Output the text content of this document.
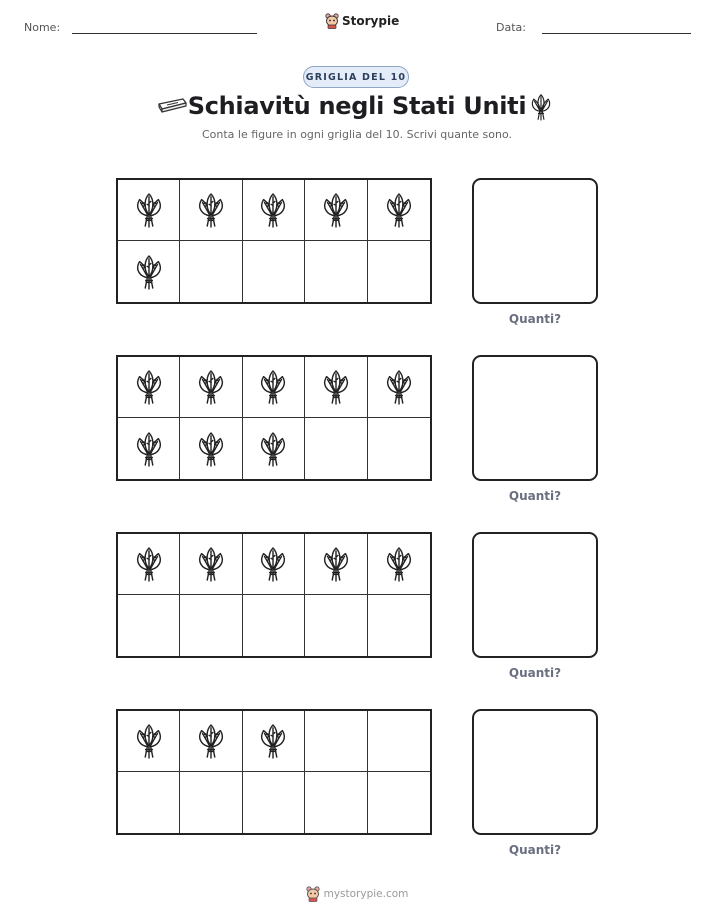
Nome:	Storypie	Data:
GRIGLIA DEL 10
Schiavitù negli Stati Uniti
Conta le figure in ogni griglia del 10. Scrivi quante sono.
Quanti?
Quanti?
Quanti?
Quanti?
mystorypie.com
